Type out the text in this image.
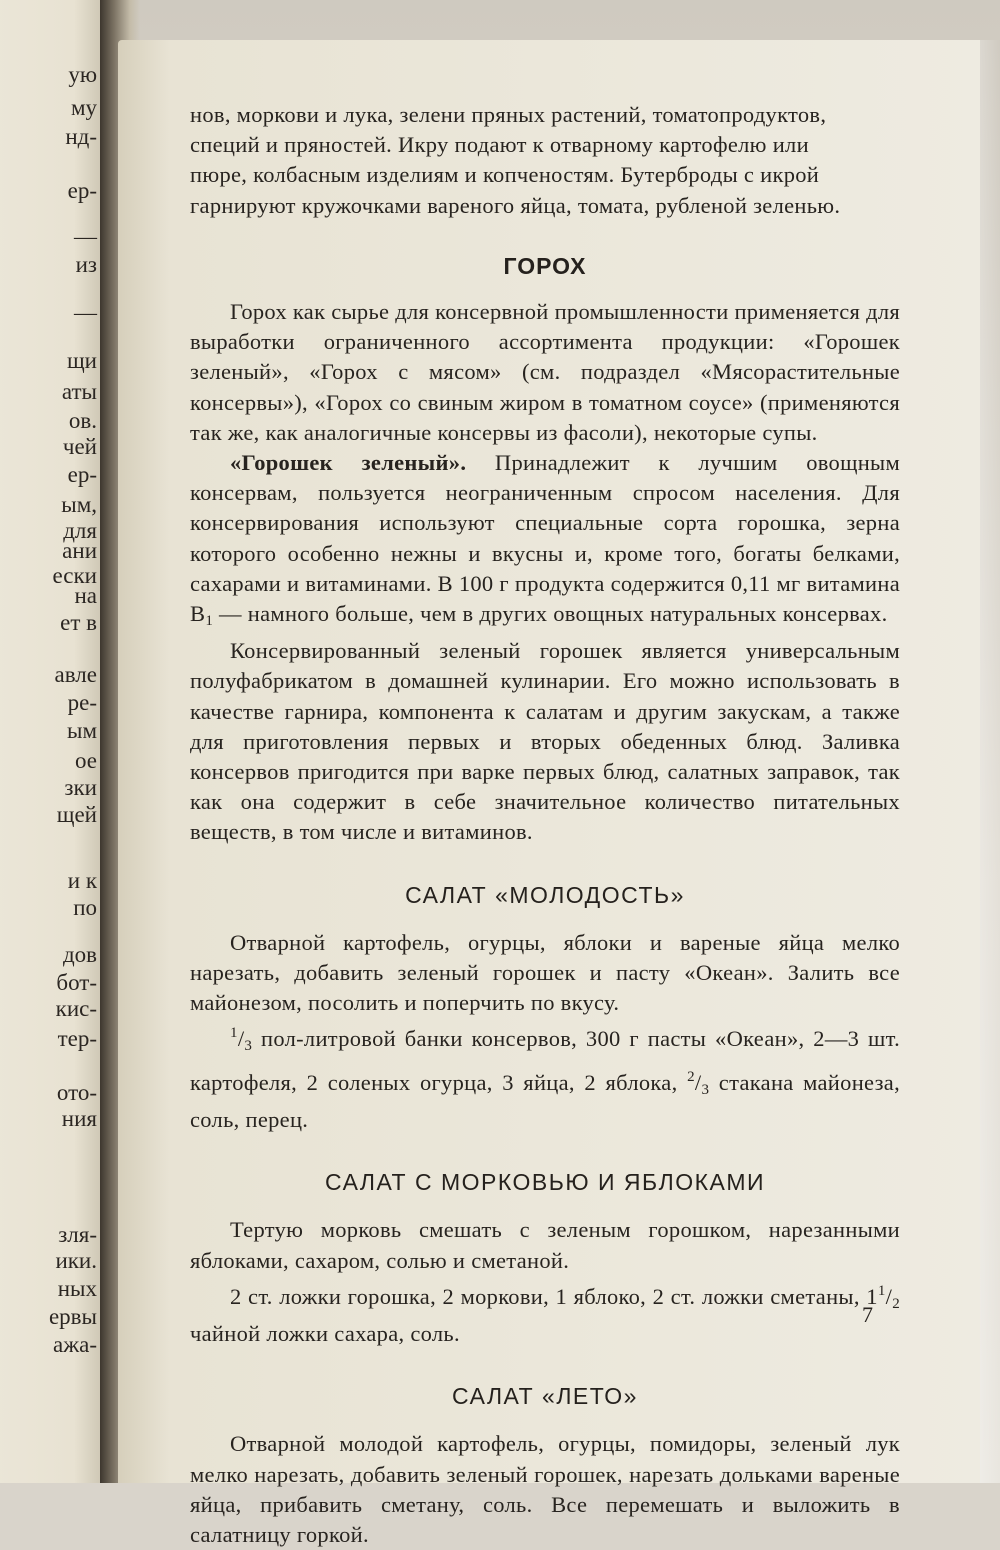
ую
му
нд-
ер-
—
из
—
щи
аты
ов.
чей
ер-
ым,
для
ани
ески
на
ет в
авле
ре-
ым
ое
зки
щей
и к
по
дов
бот-
кис-
тер-
ото-
ния
зля-
ики.
ных
ервы
ажа-

нов, моркови и лука, зелени пряных растений, томатопродуктов,

специй и пряностей. Икру подают к отварному картофелю или

пюре, колбасным изделиям и копченостям. Бутерброды с икрой

гарнируют кружочками вареного яйца, томата, рубленой зеленью.

ГОРОХ

Горох как сырье для консервной промышленности применяется для выработки ограниченного ассортимента продукции: «Горошек зеленый», «Горох с мясом» (см. подраздел «Мясорастительные консервы»), «Горох со свиным жиром в томатном соусе» (применяются так же, как аналогичные консервы из фасоли), некоторые супы.

«Горошек зеленый». Принадлежит к лучшим овощным консервам, пользуется неограниченным спросом населения. Для консервирования используют специальные сорта горошка, зерна которого особенно нежны и вкусны и, кроме того, богаты белками, сахарами и витаминами. В 100 г продукта содержится 0,11 мг витамина $B_1$ — намного больше, чем в других овощных натуральных консервах.

Консервированный зеленый горошек является универсальным полуфабрикатом в домашней кулинарии. Его можно использовать в качестве гарнира, компонента к салатам и другим закускам, а также для приготовления первых и вторых обеденных блюд. Заливка консервов пригодится при варке первых блюд, салатных заправок, так как она содержит в себе значительное количество питательных веществ, в том числе и витаминов.

САЛАТ «МОЛОДОСТЬ»

Отварной картофель, огурцы, яблоки и вареные яйца мелко нарезать, добавить зеленый горошек и пасту «Океан». Залить все майонезом, посолить и поперчить по вкусу.

$^1/_3$ пол-литровой банки консервов, 300 г пасты «Океан», 2—3 шт. картофеля, 2 соленых огурца, 3 яйца, 2 яблока, $^2/_3$ стакана майонеза, соль, перец.

САЛАТ С МОРКОВЬЮ И ЯБЛОКАМИ

Тертую морковь смешать с зеленым горошком, нарезанными яблоками, сахаром, солью и сметаной.

2 ст. ложки горошка, 2 моркови, 1 яблоко, 2 ст. ложки сметаны, $1^1/_2$ чайной ложки сахара, соль.

САЛАТ «ЛЕТО»

Отварной молодой картофель, огурцы, помидоры, зеленый лук мелко нарезать, добавить зеленый горошек, нарезать дольками вареные яйца, прибавить сметану, соль. Все перемешать и выложить в салатницу горкой.

7
